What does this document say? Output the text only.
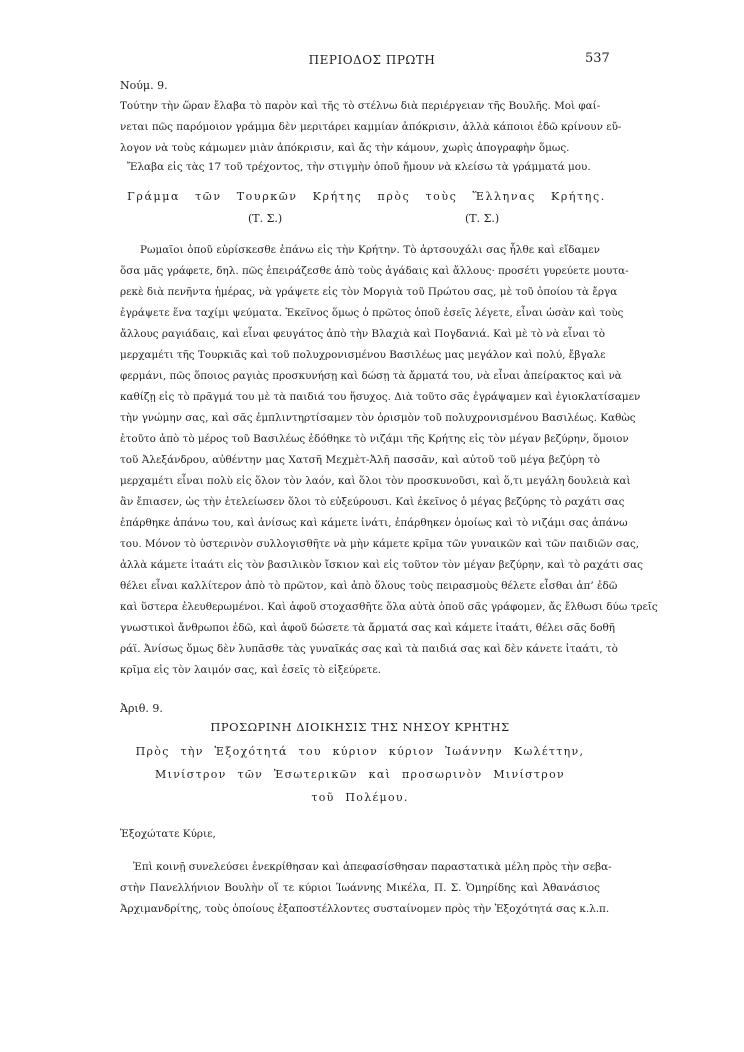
ΠΕΡΙΟΔΟΣ ΠΡΩΤΗ	537
Νούμ. 9.
Τούτην τὴν ὥραν ἔλαβα τὸ παρὸν καὶ τῆς τὸ στέλνω διὰ περιέργειαν τῆς Βουλῆς. Μοὶ φαί-
νεται πῶς παρόμοιον γράμμα δὲν μεριτάρει καμμίαν ἀπόκρισιν, ἀλλὰ κάποιοι ἐδῶ κρίνουν εὔ-
λογον νὰ τοὺς κάμωμεν μιὰν ἀπόκρισιν, καὶ ἄς τὴν κάμουν, χωρὶς ἀπογραφὴν ὅμως.
Ἔλαβα εἰς τὰς 17 τοῦ τρέχοντος, τὴν στιγμὴν ὁποῦ ἤμουν νὰ κλείσω τὰ γράμματά μου.
Γράμμα τῶν Τουρκῶν Κρήτης πρὸς τοὺς Ἕλληνας Κρήτης.
(Τ. Σ.)	(Τ. Σ.)
Ρωμαῖοι ὁποῦ εὑρίσκεσθε ἐπάνω εἰς τὴν Κρήτην. Τὸ ἀρτσουχάλι σας ἦλθε καὶ εἴδαμεν
ὅσα μᾶς γράφετε, δηλ. πῶς ἐπειράζεσθε ἀπὸ τοὺς ἀγάδαις καὶ ἄλλους· προσέτι γυρεύετε μουτα-
ρεκὲ διὰ πενῆντα ἡμέρας, νὰ γράψετε εἰς τὸν Μοργιὰ τοῦ Πρώτου σας, μὲ τοῦ ὁποίου τὰ ἔργα
ἐγράψετε ἕνα ταχίμι ψεύματα. Ἐκεῖνος ὅμως ὁ πρῶτος ὁποῦ ἐσεῖς λέγετε, εἶναι ὡσὰν καὶ τοὺς
ἄλλους ραγιάδαις, καὶ εἶναι φευγάτος ἀπὸ τὴν Βλαχιὰ καὶ Πογδανιά. Καὶ μὲ τὸ νὰ εἶναι τὸ
μερχαμέτι τῆς Τουρκιᾶς καὶ τοῦ πολυχρονισμένου Βασιλέως μας μεγάλον καὶ πολύ, ἔβγαλε
φερμάνι, πῶς ὅποιος ραγιὰς προσκυνήσῃ καὶ δώσῃ τὰ ἄρματά του, νὰ εἶναι ἀπείρακτος καὶ νὰ
καθίζῃ εἰς τὸ πρᾶγμά του μὲ τὰ παιδιά του ἥσυχος. Διὰ τοῦτο σᾶς ἐγράψαμεν καὶ ἐγιοκλατίσαμεν
τὴν γνώμην σας, καὶ σᾶς ἐμπλιντηρτίσαμεν τὸν ὁρισμὸν τοῦ πολυχρονισμένου Βασιλέως. Καθὼς
ἐτοῦτο ἀπὸ τὸ μέρος τοῦ Βασιλέως ἐδόθηκε τὸ νιζάμι τῆς Κρήτης εἰς τὸν μέγαν βεζύρην, ὅμοιον
τοῦ Ἀλεξάνδρου, αὐθέντην μας Χατσῆ Μεχμὲτ-Ἀλῆ πασσᾶν, καὶ αὐτοῦ τοῦ μέγα βεζύρη τὸ
μερχαμέτι εἶναι πολὺ εἰς ὅλον τὸν λαόν, καὶ ὅλοι τὸν προσκυνοῦσι, καὶ ὅ,τι μεγάλη δουλειὰ καὶ
ἂν ἔπιασεν, ὡς τὴν ἐτελείωσεν ὅλοι τὸ εὑξεύρουσι. Καὶ ἐκεῖνος ὁ μέγας βεζύρης τὸ ραχάτι σας
ἐπάρθηκε ἀπάνω του, καὶ ἀνίσως καὶ κάμετε ἰνάτι, ἐπάρθηκεν ὁμοίως καὶ τὸ νιζάμι σας ἀπάνω
του. Μόνον τὸ ὑστερινὸν συλλογισθῆτε νὰ μὴν κάμετε κρῖμα τῶν γυναικῶν καὶ τῶν παιδιῶν σας,
ἀλλὰ κάμετε ἰταάτι εἰς τὸν βασιλικὸν ἴσκιον καὶ εἰς τοῦτον τὸν μέγαν βεζύρην, καὶ τὸ ραχάτι σας
θέλει εἶναι καλλίτερον ἀπὸ τὸ πρῶτον, καὶ ἀπὸ ὅλους τοὺς πειρασμοὺς θέλετε εἶσθαι ἀπ’ ἐδῶ
καὶ ὕστερα ἐλευθερωμένοι. Καὶ ἀφοῦ στοχασθῆτε ὅλα αὐτὰ ὁποῦ σᾶς γράφομεν, ἄς ἔλθωσι δύω τρεῖς
γνωστικοὶ ἄνθρωποι ἐδῶ, καὶ ἀφοῦ δώσετε τὰ ἄρματά σας καὶ κάμετε ἰταάτι, θέλει σᾶς δοθῆ
ράϊ. Ἀνίσως ὅμως δὲν λυπᾶσθε τὰς γυναῖκάς σας καὶ τὰ παιδιά σας καὶ δὲν κάνετε ἰταάτι, τὸ
κρῖμα εἰς τὸν λαιμόν σας, καὶ ἐσεῖς τὸ εἰξεύρετε.
Ἀριθ. 9.
ΠΡΟΣΩΡΙΝΗ ΔΙΟΙΚΗΣΙΣ ΤΗΣ ΝΗΣΟΥ ΚΡΗΤΗΣ
Πρὸς τὴν Ἐξοχότητά του κύριον κύριον Ἰωάννην Κωλέττην,
Μινίστρον τῶν Ἐσωτερικῶν καὶ προσωρινὸν Μινίστρον
τοῦ Πολέμου.
Ἐξοχώτατε Κύριε,
Ἐπὶ κοινῇ συνελεύσει ἐνεκρίθησαν καὶ ἀπεφασίσθησαν παραστατικὰ μέλη πρὸς τὴν σεβα-
στὴν Πανελλήνιον Βουλὴν οἵ τε κύριοι Ἰωάννης Μικέλα, Π. Σ. Ὁμηρίδης καὶ Ἀθανάσιος
Ἀρχιμανδρίτης, τοὺς ὁποίους ἐξαποστέλλοντες συσταίνομεν πρὸς τὴν Ἐξοχότητά σας κ.λ.π.
